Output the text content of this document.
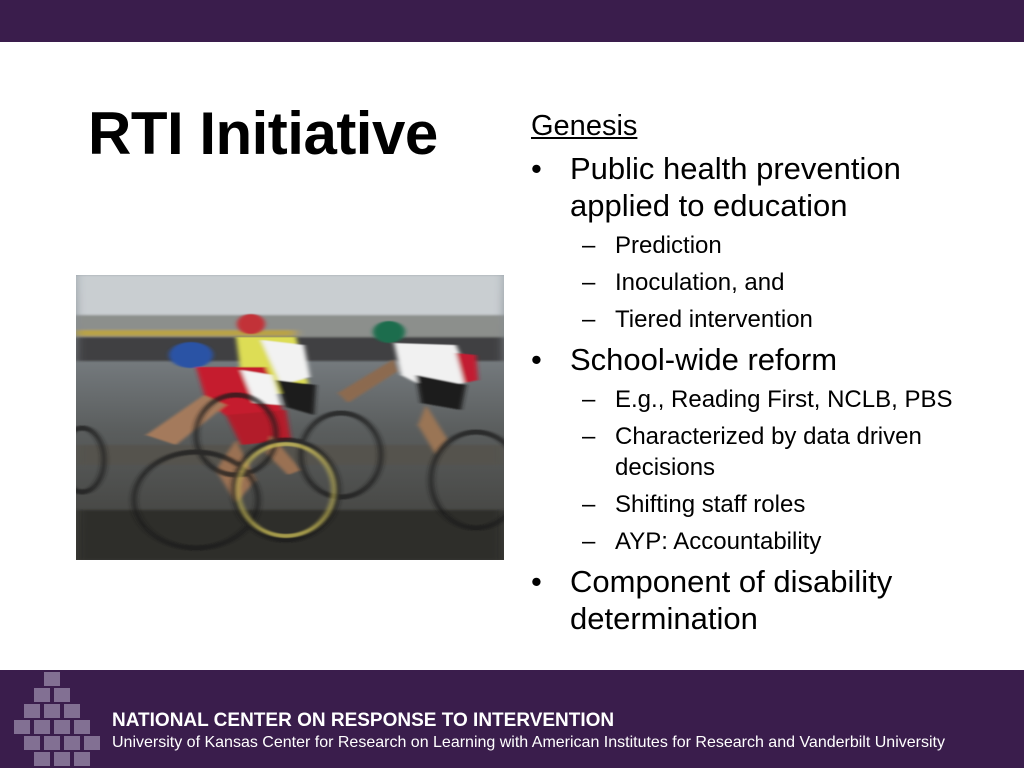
RTI Initiative	Genesis

• Public health prevention applied to education
– Prediction
– Inoculation, and
– Tiered intervention
• School-wide reform
– E.g., Reading First, NCLB, PBS
– Characterized by data driven decisions
– Shifting staff roles
– AYP: Accountability
• Component of disability determination
NATIONAL CENTER ON RESPONSE TO INTERVENTION
University of Kansas Center for Research on Learning with American Institutes for Research and Vanderbilt University
